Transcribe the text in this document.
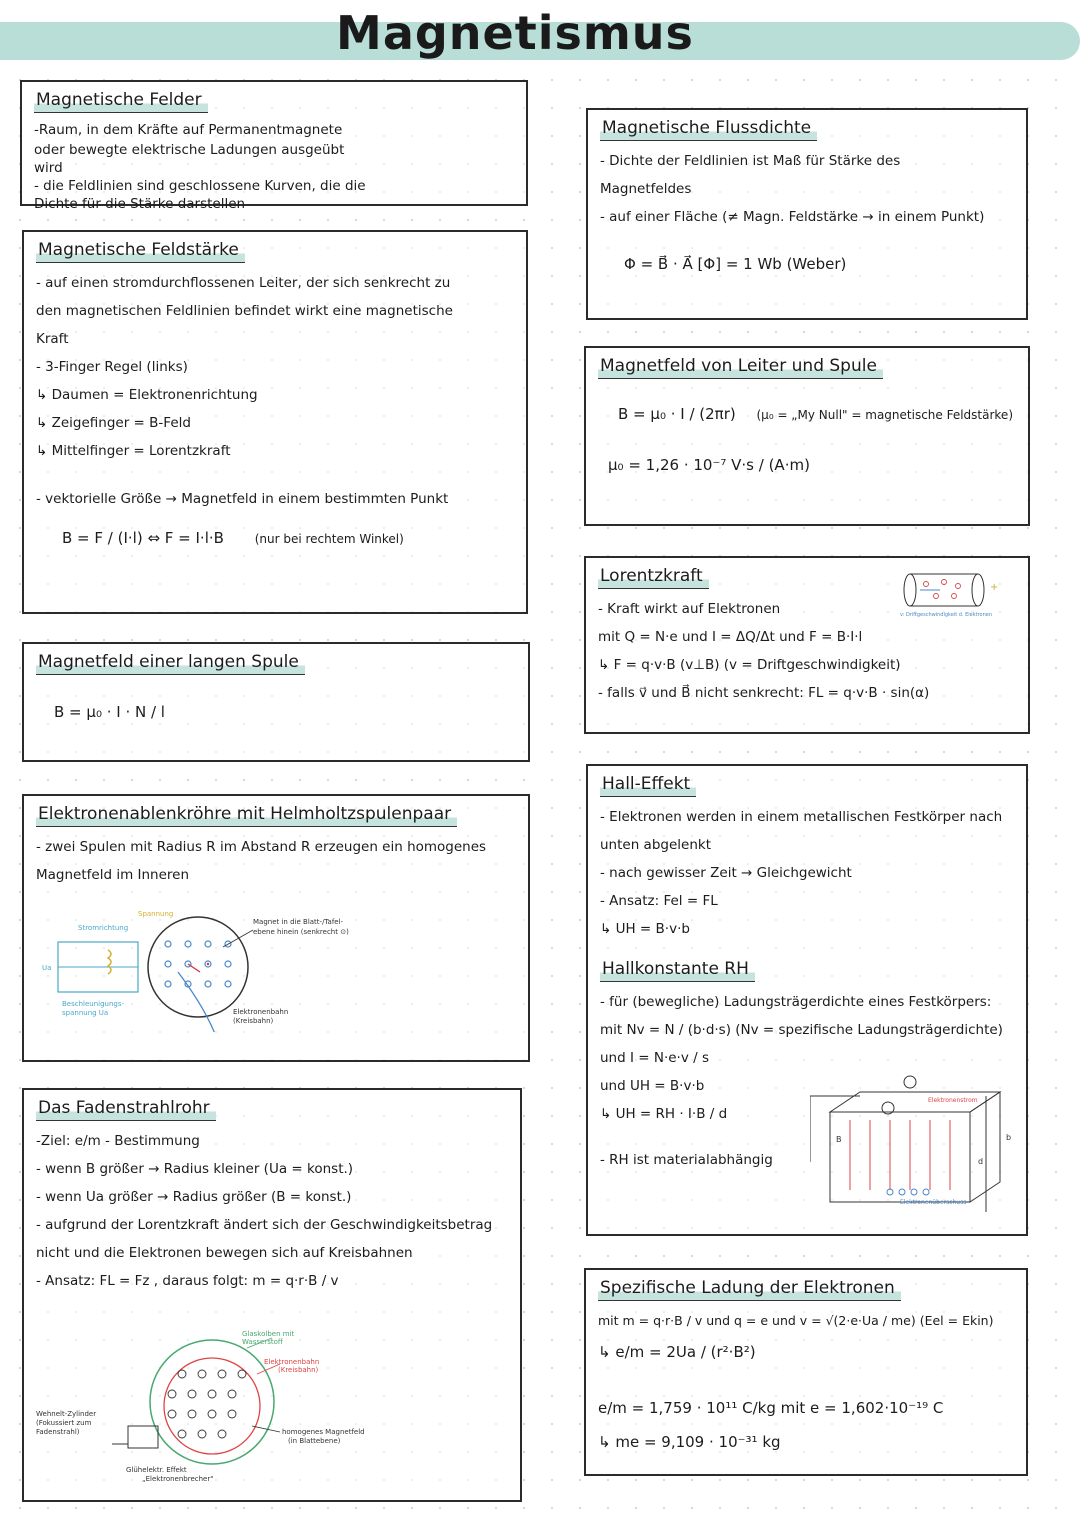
Magnetismus
Magnetische Felder
-Raum, in dem Kräfte auf Permanentmagnete
oder bewegte elektrische Ladungen ausgeübt
wird
- die Feldlinien sind geschlossene Kurven, die die
Dichte für die Stärke darstellen
Magnetische Feldstärke
- auf einen stromdurchflossenen Leiter, der sich senkrecht zu
den magnetischen Feldlinien befindet wirkt eine magnetische
Kraft
- 3-Finger Regel (links)
↳ Daumen = Elektronenrichtung
↳ Zeigefinger = B-Feld
↳ Mittelfinger = Lorentzkraft
- vektorielle Größe → Magnetfeld in einem bestimmten Punkt
B = F / (I·l) ⇔ F = I·l·B	(nur bei rechtem Winkel)
Magnetfeld einer langen Spule
B = μ₀ · I · N / l
Elektronenablenkröhre mit Helmholtzspulenpaar
- zwei Spulen mit Radius R im Abstand R erzeugen ein homogenes
Magnetfeld im Inneren
Stromrichtung
Spannung
Magnet in die Blatt-/Tafel-
ebene hinein (senkrecht ⊙)
Ua
Beschleunigungs-
spannung Ua	Elektronenbahn
(Kreisbahn)
Das Fadenstrahlrohr
-Ziel: e/m - Bestimmung
- wenn B größer → Radius kleiner (Ua = konst.)
- wenn Ua größer → Radius größer (B = konst.)
- aufgrund der Lorentzkraft ändert sich der Geschwindigkeitsbetrag
nicht und die Elektronen bewegen sich auf Kreisbahnen
- Ansatz: FL = Fz , daraus folgt: m = q·r·B / v
Glaskolben mit
Wasserstoff
Elektronenbahn
(Kreisbahn)
Wehnelt-Zylinder
(Fokussiert zum
Fadenstrahl)	homogenes Magnetfeld
(in Blattebene)
Glühelektr. Effekt
„Elektronenbrecher"
Magnetische Flussdichte
- Dichte der Feldlinien ist Maß für Stärke des
Magnetfeldes
- auf einer Fläche (≠ Magn. Feldstärke → in einem Punkt)
Φ = B⃗ · A⃗ [Φ] = 1 Wb (Weber)
Magnetfeld von Leiter und Spule
B = μ₀ · I / (2πr) (μ₀ = „My Null" = magnetische Feldstärke)
μ₀ = 1,26 · 10⁻⁷ V·s / (A·m)
Lorentzkraft
- Kraft wirkt auf Elektronen
mit Q = N·e und I = ΔQ/Δt und F = B·I·l
↳ F = q·v·B (v⊥B) (v = Driftgeschwindigkeit)
- falls v⃗ und B⃗ nicht senkrecht: FL = q·v·B · sin(α)
+
v: Driftgeschwindigkeit d. Elektronen
Hall-Effekt
- Elektronen werden in einem metallischen Festkörper nach
unten abgelenkt
- nach gewisser Zeit → Gleichgewicht
- Ansatz: Fel = FL
↳ UH = B·v·b
Hallkonstante RH
- für (bewegliche) Ladungsträgerdichte eines Festkörpers:
mit Nv = N / (b·d·s) (Nv = spezifische Ladungsträgerdichte)
und I = N·e·v / s
und UH = B·v·b
↳ UH = RH · I·B / d
- RH ist materialabhängig
Elektronenstrom
Elektronenüberschuss
b
d
B
Spezifische Ladung der Elektronen
mit m = q·r·B / v und q = e und v = √(2·e·Ua / me) (Eel = Ekin)
↳ e/m = 2Ua / (r²·B²)
e/m = 1,759 · 10¹¹ C/kg mit e = 1,602·10⁻¹⁹ C
↳ me = 9,109 · 10⁻³¹ kg
